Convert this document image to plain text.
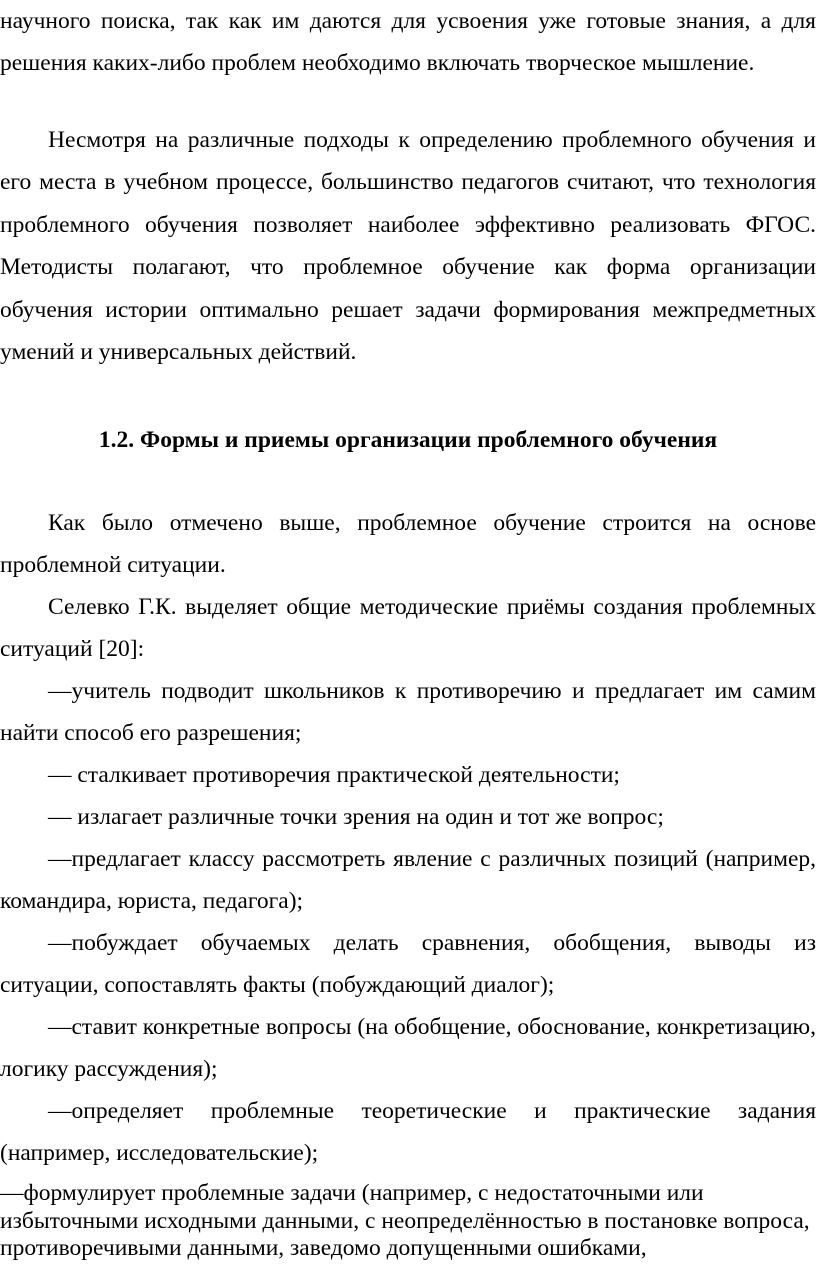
научного поиска, так как им даются для усвоения уже готовые знания, а для решения каких-либо проблем необходимо включать творческое мышление.

Несмотря на различные подходы к определению проблемного обучения и его места в учебном процессе, большинство педагогов считают, что технология проблемного обучения позволяет наиболее эффективно реализовать ФГОС. Методисты полагают, что проблемное обучение как форма организации обучения истории оптимально решает задачи формирования межпредметных умений и универсальных действий.

1.2. Формы и приемы организации проблемного обучения

Как было отмечено выше, проблемное обучение строится на основе проблемной ситуации.

Селевко Г.К. выделяет общие методические приёмы создания проблемных ситуаций [20]:

—учитель подводит школьников к противоречию и предлагает им самим найти способ его разрешения;

— сталкивает противоречия практической деятельности;

— излагает различные точки зрения на один и тот же вопрос;

—предлагает классу рассмотреть явление с различных позиций (например, командира, юриста, педагога);

—побуждает обучаемых делать сравнения, обобщения, выводы из ситуации, сопоставлять факты (побуждающий диалог);

—ставит конкретные вопросы (на обобщение, обоснование, конкретизацию, логику рассуждения);

—определяет проблемные теоретические и практические задания (например, исследовательские);

—формулирует проблемные задачи (например, с недостаточными или избыточными исходными данными, с неопределённостью в постановке вопроса, противоречивыми данными, заведомо допущенными ошибками,
